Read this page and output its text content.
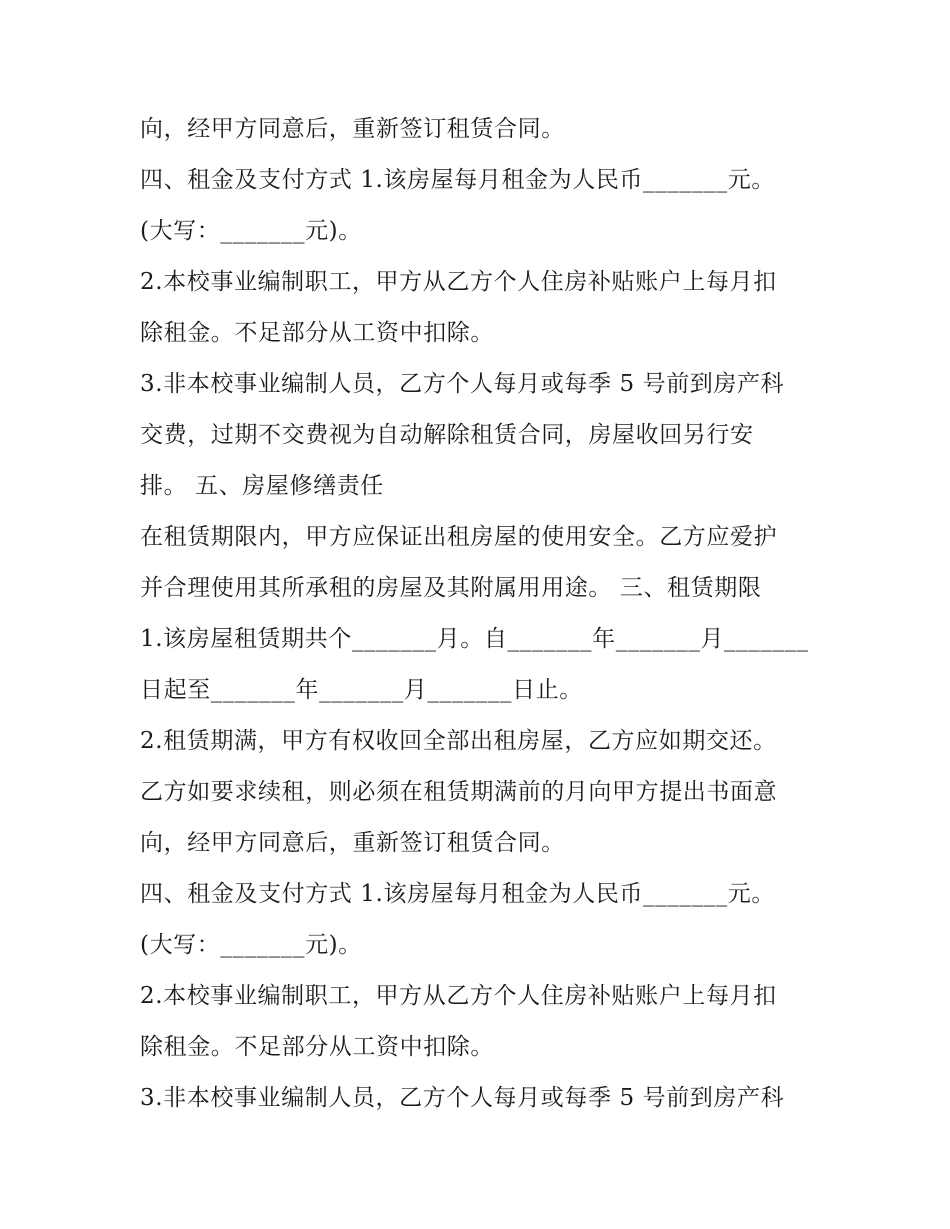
向，经甲方同意后，重新签订租赁合同。
四、租金及支付方式 1.该房屋每月租金为人民币_______元。
(大写：_______元)。
2.本校事业编制职工，甲方从乙方个人住房补贴账户上每月扣
除租金。不足部分从工资中扣除。
3.非本校事业编制人员，乙方个人每月或每季 5 号前到房产科
交费，过期不交费视为自动解除租赁合同，房屋收回另行安
排。 五、房屋修缮责任
在租赁期限内，甲方应保证出租房屋的使用安全。乙方应爱护
并合理使用其所承租的房屋及其附属用用途。 三、租赁期限
1.该房屋租赁期共个_______月。自_______年_______月_______
日起至_______年_______月_______日止。
2.租赁期满，甲方有权收回全部出租房屋，乙方应如期交还。
乙方如要求续租，则必须在租赁期满前的月向甲方提出书面意
向，经甲方同意后，重新签订租赁合同。
四、租金及支付方式 1.该房屋每月租金为人民币_______元。
(大写：_______元)。
2.本校事业编制职工，甲方从乙方个人住房补贴账户上每月扣
除租金。不足部分从工资中扣除。
3.非本校事业编制人员，乙方个人每月或每季 5 号前到房产科
